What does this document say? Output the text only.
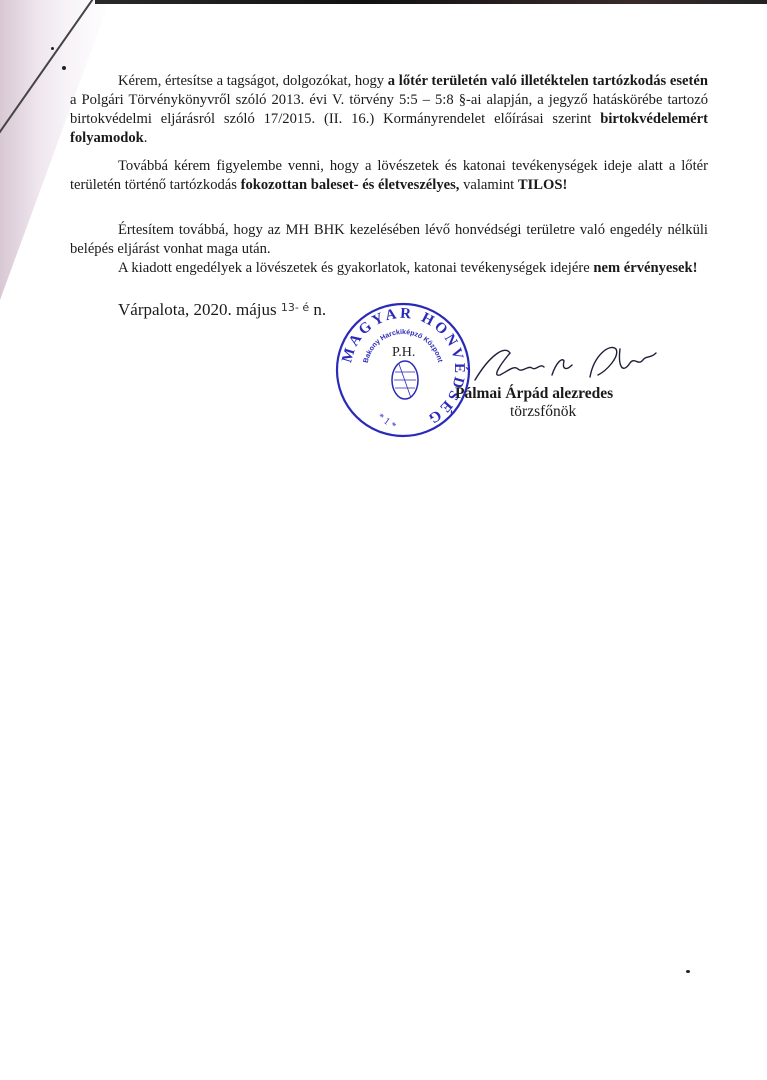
Kérem, értesítse a tagságot, dolgozókat, hogy a lőtér területén való illetéktelen tartózkodás esetén a Polgári Törvénykönyvről szóló 2013. évi V. törvény 5:5 – 5:8 §-ai alapján, a jegyző hatáskörébe tartozó birtokvédelmi eljárásról szóló 17/2015. (II. 16.) Kormányrendelet előírásai szerint birtokvédelemért folyamodok.

Továbbá kérem figyelembe venni, hogy a lövészetek és katonai tevékenységek ideje alatt a lőtér területén történő tartózkodás fokozottan baleset- és életveszélyes, valamint TILOS!

Értesítem továbbá, hogy az MH BHK kezelésében lévő honvédségi területre való engedély nélküli belépés eljárást vonhat maga után.

A kiadott engedélyek a lövészetek és gyakorlatok, katonai tevékenységek idejére nem érvényesek!

Várpalota, 2020. május $^{13- é}$ n.
MAGYAR HONVÉDSÉG
Bakony Harckiképző Központ
* 1 *
P.H.
Pálmai Árpád alezredes
törzsfőnök
